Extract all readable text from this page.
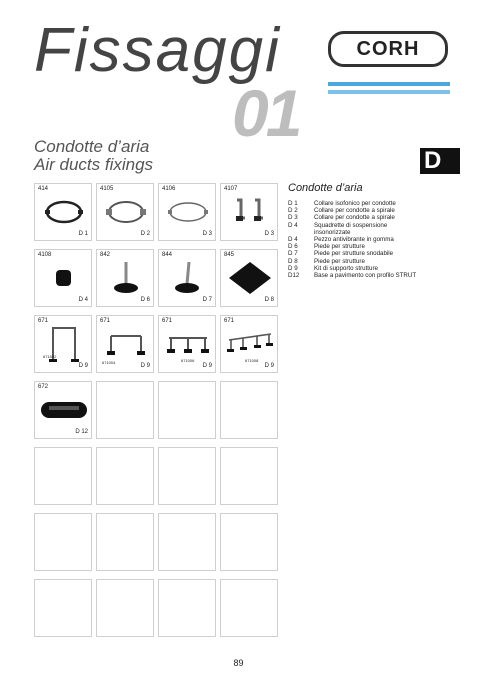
Fissaggi
01
CORH
Condotte d’aria
Air ducts fixings	D
414
D 1
4105
D 2
4106
D 3
4107
D 3
4108
D 4
842
D 6
844
D 7
845
D 8
671
671502
D 9
671
671004
D 9
671
671006
D 9
671
671008
D 9
672
D 12
Condotte d’aria
D 1	Collare isofonico per condotte
D 2	Collare per condotte a spirale
D 3	Collare per condotte a spirale
D 4	Squadrette di sospensione insonorizzate
D 4	Pezzo antivibrante in gomma
D 6	Piede per strutture
D 7	Piede per strutture snodabile
D 8	Piede per strutture
D 9	Kit di supporto strutture
D12	Base a pavimento con profilo STRUT
89
